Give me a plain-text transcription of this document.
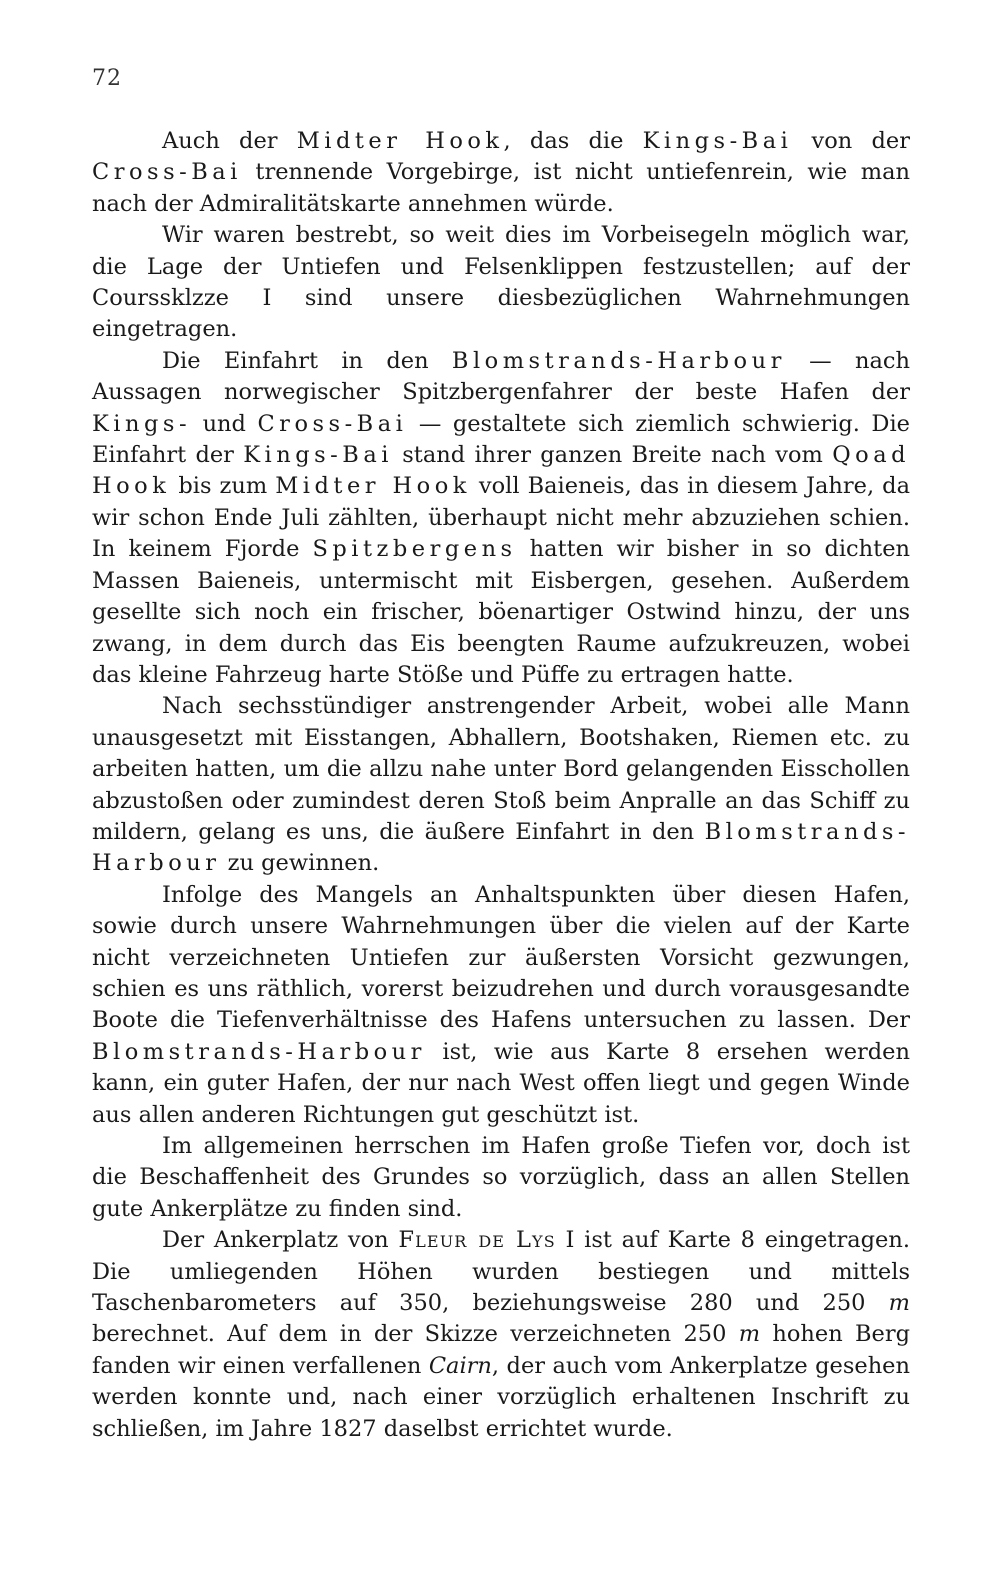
72

Auch der Midter Hook, das die Kings-Bai von der Cross-Bai trennende Vorgebirge, ist nicht untiefenrein, wie man nach der Admiralitätskarte annehmen würde.

Wir waren bestrebt, so weit dies im Vorbeisegeln möglich war, die Lage der Untiefen und Felsenklippen festzustellen; auf der Courssklzze I sind unsere diesbezüglichen Wahrnehmungen eingetragen.

Die Einfahrt in den Blomstrands-Harbour — nach Aussagen norwegischer Spitzbergenfahrer der beste Hafen der Kings- und Cross-Bai — gestaltete sich ziemlich schwierig. Die Einfahrt der Kings-Bai stand ihrer ganzen Breite nach vom Qoad Hook bis zum Midter Hook voll Baieneis, das in diesem Jahre, da wir schon Ende Juli zählten, überhaupt nicht mehr abzuziehen schien. In keinem Fjorde Spitzbergens hatten wir bisher in so dichten Massen Baieneis, untermischt mit Eisbergen, gesehen. Außerdem gesellte sich noch ein frischer, böenartiger Ostwind hinzu, der uns zwang, in dem durch das Eis beengten Raume aufzukreuzen, wobei das kleine Fahrzeug harte Stöße und Püffe zu ertragen hatte.

Nach sechsstündiger anstrengender Arbeit, wobei alle Mann unausgesetzt mit Eisstangen, Abhallern, Bootshaken, Riemen etc. zu arbeiten hatten, um die allzu nahe unter Bord gelangenden Eisschollen abzustoßen oder zumindest deren Stoß beim Anpralle an das Schiff zu mildern, gelang es uns, die äußere Einfahrt in den Blomstrands-Harbour zu gewinnen.

Infolge des Mangels an Anhaltspunkten über diesen Hafen, sowie durch unsere Wahrnehmungen über die vielen auf der Karte nicht verzeichneten Untiefen zur äußersten Vorsicht gezwungen, schien es uns räthlich, vorerst beizudrehen und durch vorausgesandte Boote die Tiefenverhältnisse des Hafens untersuchen zu lassen. Der Blomstrands-Harbour ist, wie aus Karte 8 ersehen werden kann, ein guter Hafen, der nur nach West offen liegt und gegen Winde aus allen anderen Richtungen gut geschützt ist.

Im allgemeinen herrschen im Hafen große Tiefen vor, doch ist die Beschaffenheit des Grundes so vorzüglich, dass an allen Stellen gute Ankerplätze zu finden sind.

Der Ankerplatz von Fleur de Lys I ist auf Karte 8 eingetragen. Die umliegenden Höhen wurden bestiegen und mittels Taschenbarometers auf 350, beziehungsweise 280 und 250 m berechnet. Auf dem in der Skizze verzeichneten 250 m hohen Berg fanden wir einen verfallenen Cairn, der auch vom Ankerplatze gesehen werden konnte und, nach einer vorzüglich erhaltenen Inschrift zu schließen, im Jahre 1827 daselbst errichtet wurde.
